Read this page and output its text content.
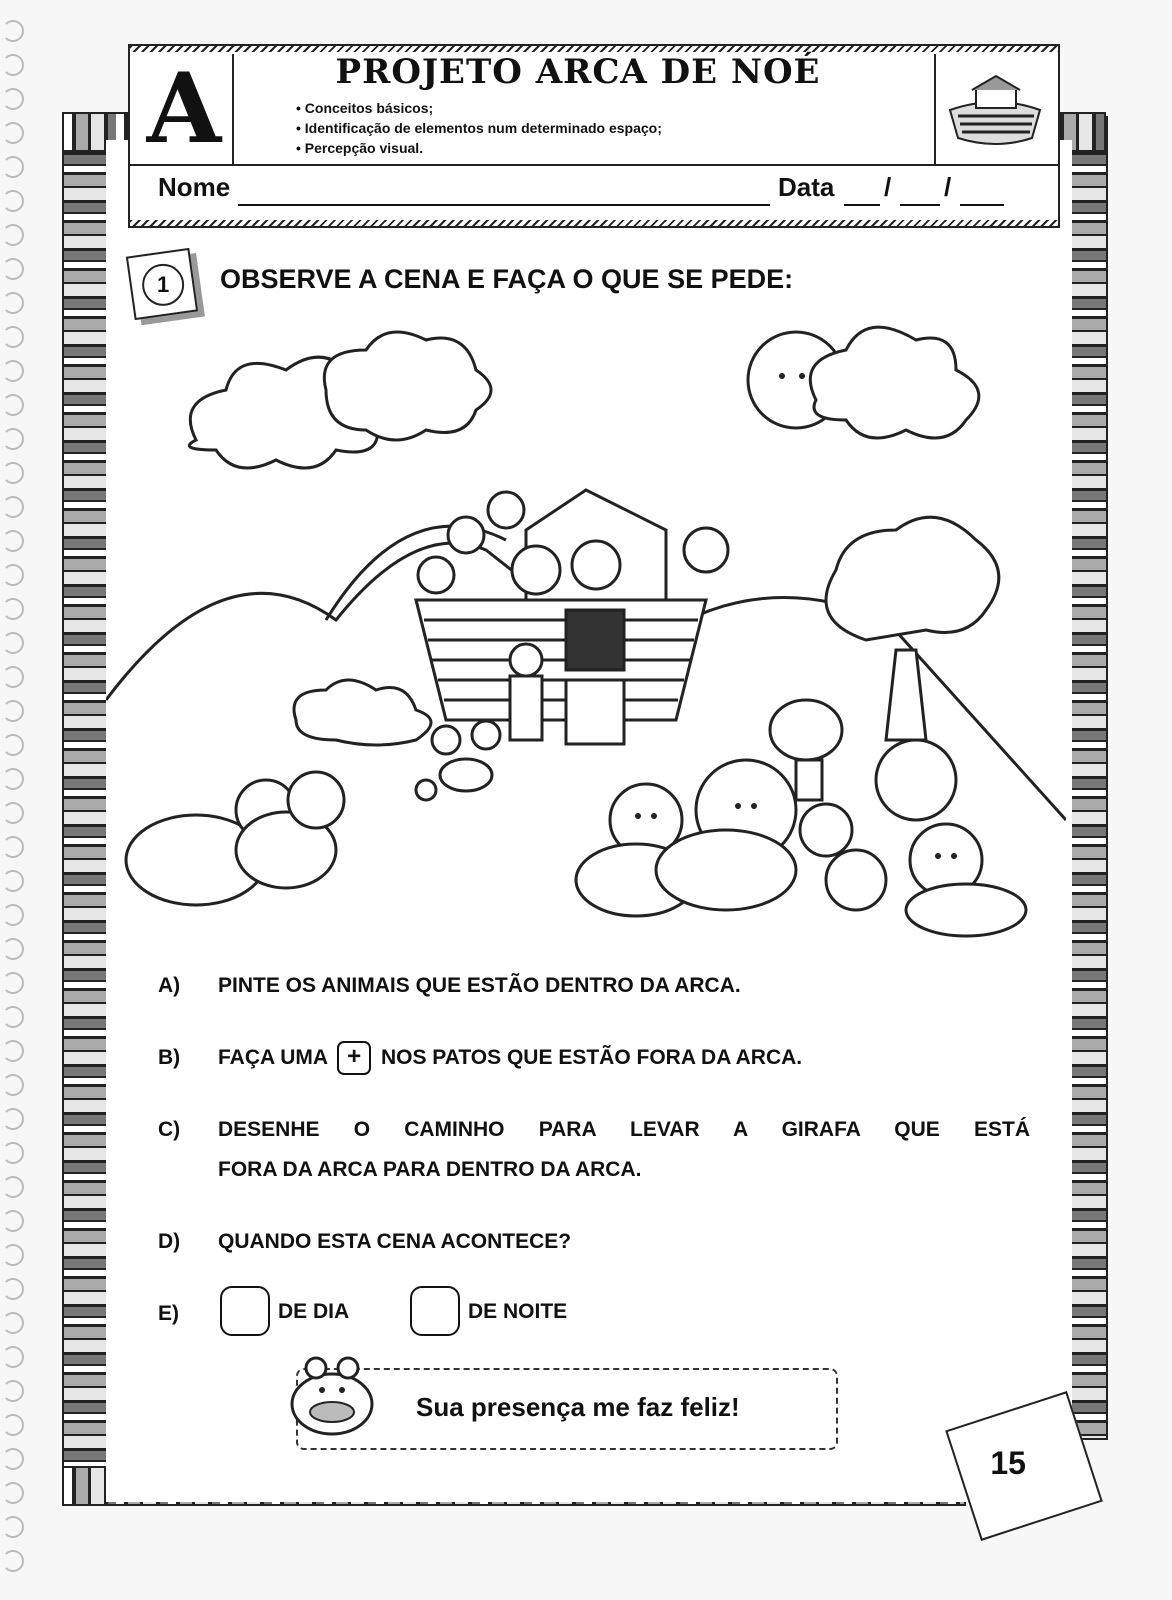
A	PROJETO ARCA DE NOÉ
• Conceitos básicos;
• Identificação de elementos num determinado espaço;
• Percepção visual.
Nome	Data / /
1	OBSERVE A CENA E FAÇA O QUE SE PEDE:
A) PINTE OS ANIMAIS QUE ESTÃO DENTRO DA ARCA.
B) FAÇA UMA + NOS PATOS QUE ESTÃO FORA DA ARCA.
C) DESENHE O CAMINHO PARA LEVAR A GIRAFA QUE ESTÁ
FORA DA ARCA PARA DENTRO DA ARCA.
D) QUANDO ESTA CENA ACONTECE?
E)	DE DIA	DE NOITE
Sua presença me faz feliz!
15
